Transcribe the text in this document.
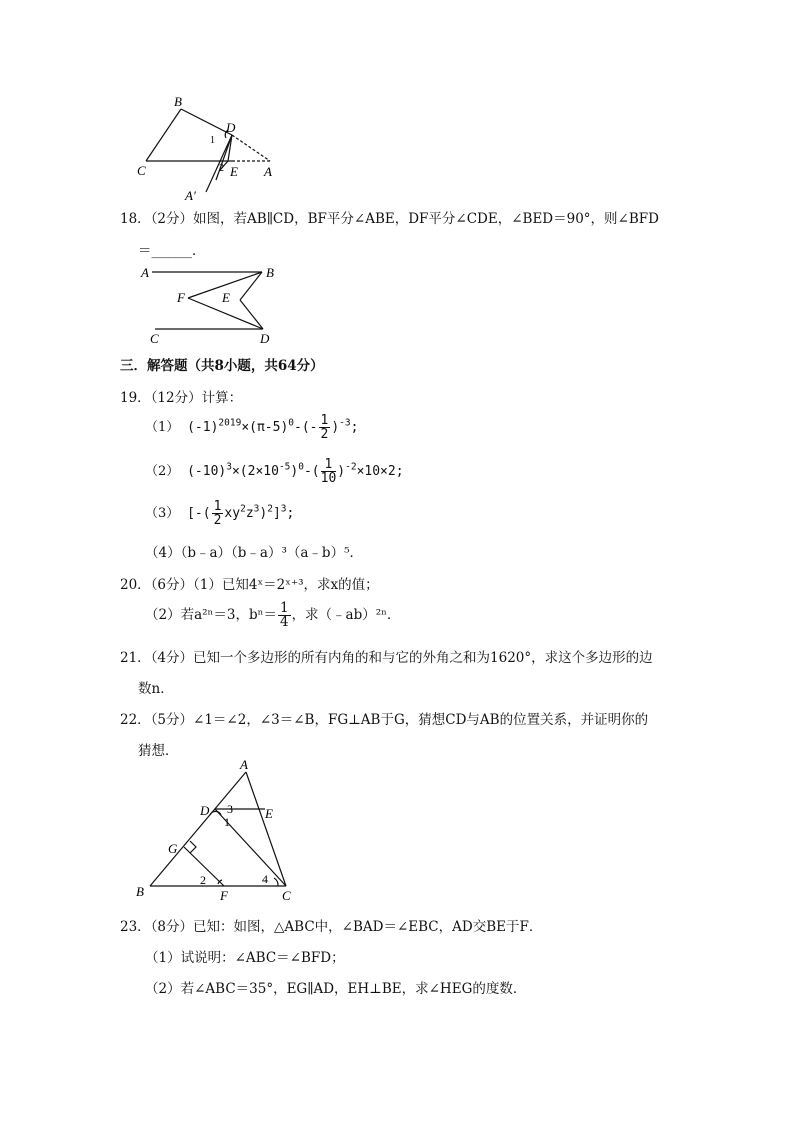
B
D
1
2
C	E A
A′
18．（2分）如图，若AB∥CD，BF平分∠ABE，DF平分∠CDE，∠BED＝90°，则∠BFD
＝______．
A	B
F	E
C	D
三．解答题（共8小题，共64分）
19．（12分）计算：
（1） $(-1)^{2019}\times(\pi-5)^0-(- \frac{1}{2} )^{-3}$;
（2） $(-10)^3\times(2\times 10^{-5})^0-( \frac{1}{10} )^{-2}\times 10\times 2$;
（3） [-( $\frac{1}{2} xy^2z^3)^2]^3$;
（4）（b﹣a）（b﹣a）³（a﹣b）⁵．
20．（6分）（1）已知4ˣ＝2ˣ⁺³，求x的值；
（2）若a²ⁿ＝3，$b^n= \frac{1}{4}$ ，求（﹣ab）²ⁿ．
21．（4分）已知一个多边形的所有内角的和与它的外角之和为1620°，求这个多边形的边
数n．
22．（5分）∠1＝∠2，∠3＝∠B，FG⊥AB于G，猜想CD与AB的位置关系，并证明你的
猜想．
A
D 3
1
E
G
2	4
B	F	C
23．（8分）已知：如图，△ABC中，∠BAD＝∠EBC，AD交BE于F．
（1）试说明：∠ABC＝∠BFD；
（2）若∠ABC＝35°，EG∥AD，EH⊥BE，求∠HEG的度数．
